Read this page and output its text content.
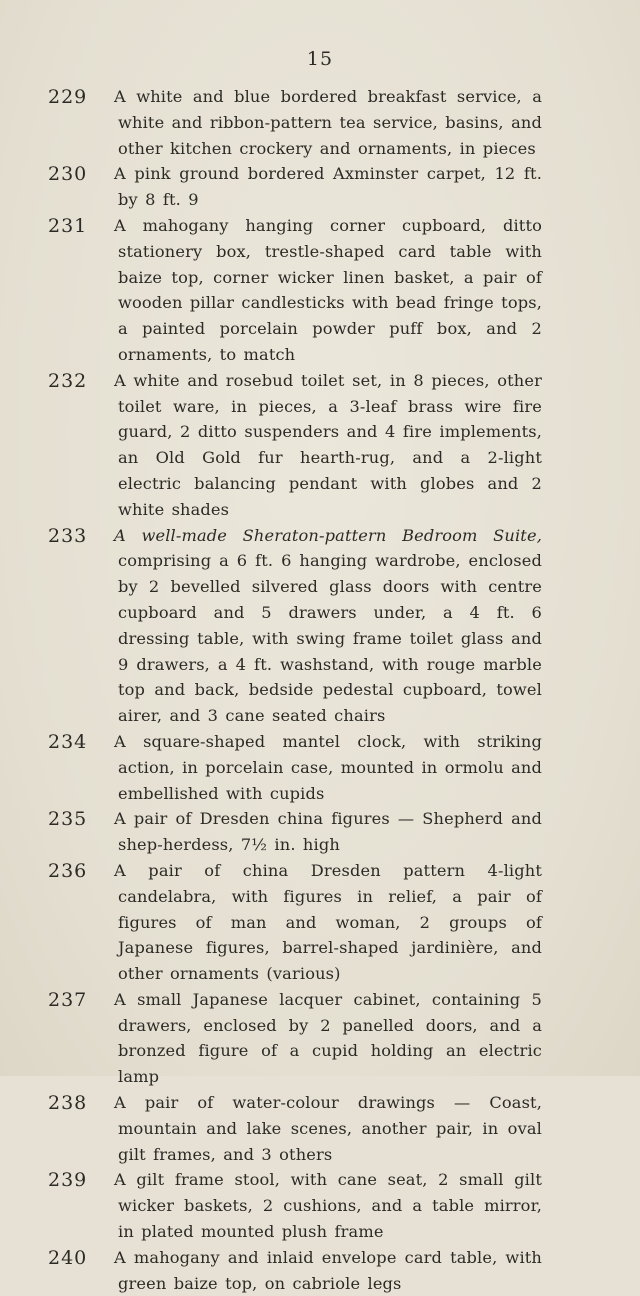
15
229 A white and blue bordered breakfast service, a white and ribbon-pattern tea service, basins, and other kitchen crockery and ornaments, in pieces
230 A pink ground bordered Axminster carpet, 12 ft. by 8 ft. 9
231 A mahogany hanging corner cupboard, ditto stationery box, trestle-shaped card table with baize top, corner wicker linen basket, a pair of wooden pillar candlesticks with bead fringe tops, a painted porcelain powder puff box, and 2 ornaments, to match
232 A white and rosebud toilet set, in 8 pieces, other toilet ware, in pieces, a 3-leaf brass wire fire guard, 2 ditto suspenders and 4 fire implements, an Old Gold fur hearth-rug, and a 2-light electric balancing pendant with globes and 2 white shades
233 A well-made Sheraton-pattern Bedroom Suite, comprising a 6 ft. 6 hanging wardrobe, enclosed by 2 bevelled silvered glass doors with centre cupboard and 5 drawers under, a 4 ft. 6 dressing table, with swing frame toilet glass and 9 drawers, a 4 ft. washstand, with rouge marble top and back, bedside pedestal cupboard, towel airer, and 3 cane seated chairs
234 A square-shaped mantel clock, with striking action, in porcelain case, mounted in ormolu and embellished with cupids
235 A pair of Dresden china figures — Shepherd and shep-herdess, 7½ in. high
236 A pair of china Dresden pattern 4-light candelabra, with figures in relief, a pair of figures of man and woman, 2 groups of Japanese figures, barrel-shaped jardinière, and other ornaments (various)
237 A small Japanese lacquer cabinet, containing 5 drawers, enclosed by 2 panelled doors, and a bronzed figure of a cupid holding an electric lamp
238 A pair of water-colour drawings — Coast, mountain and lake scenes, another pair, in oval gilt frames, and 3 others
239 A gilt frame stool, with cane seat, 2 small gilt wicker baskets, 2 cushions, and a table mirror, in plated mounted plush frame
240 A mahogany and inlaid envelope card table, with green baize top, on cabriole legs
